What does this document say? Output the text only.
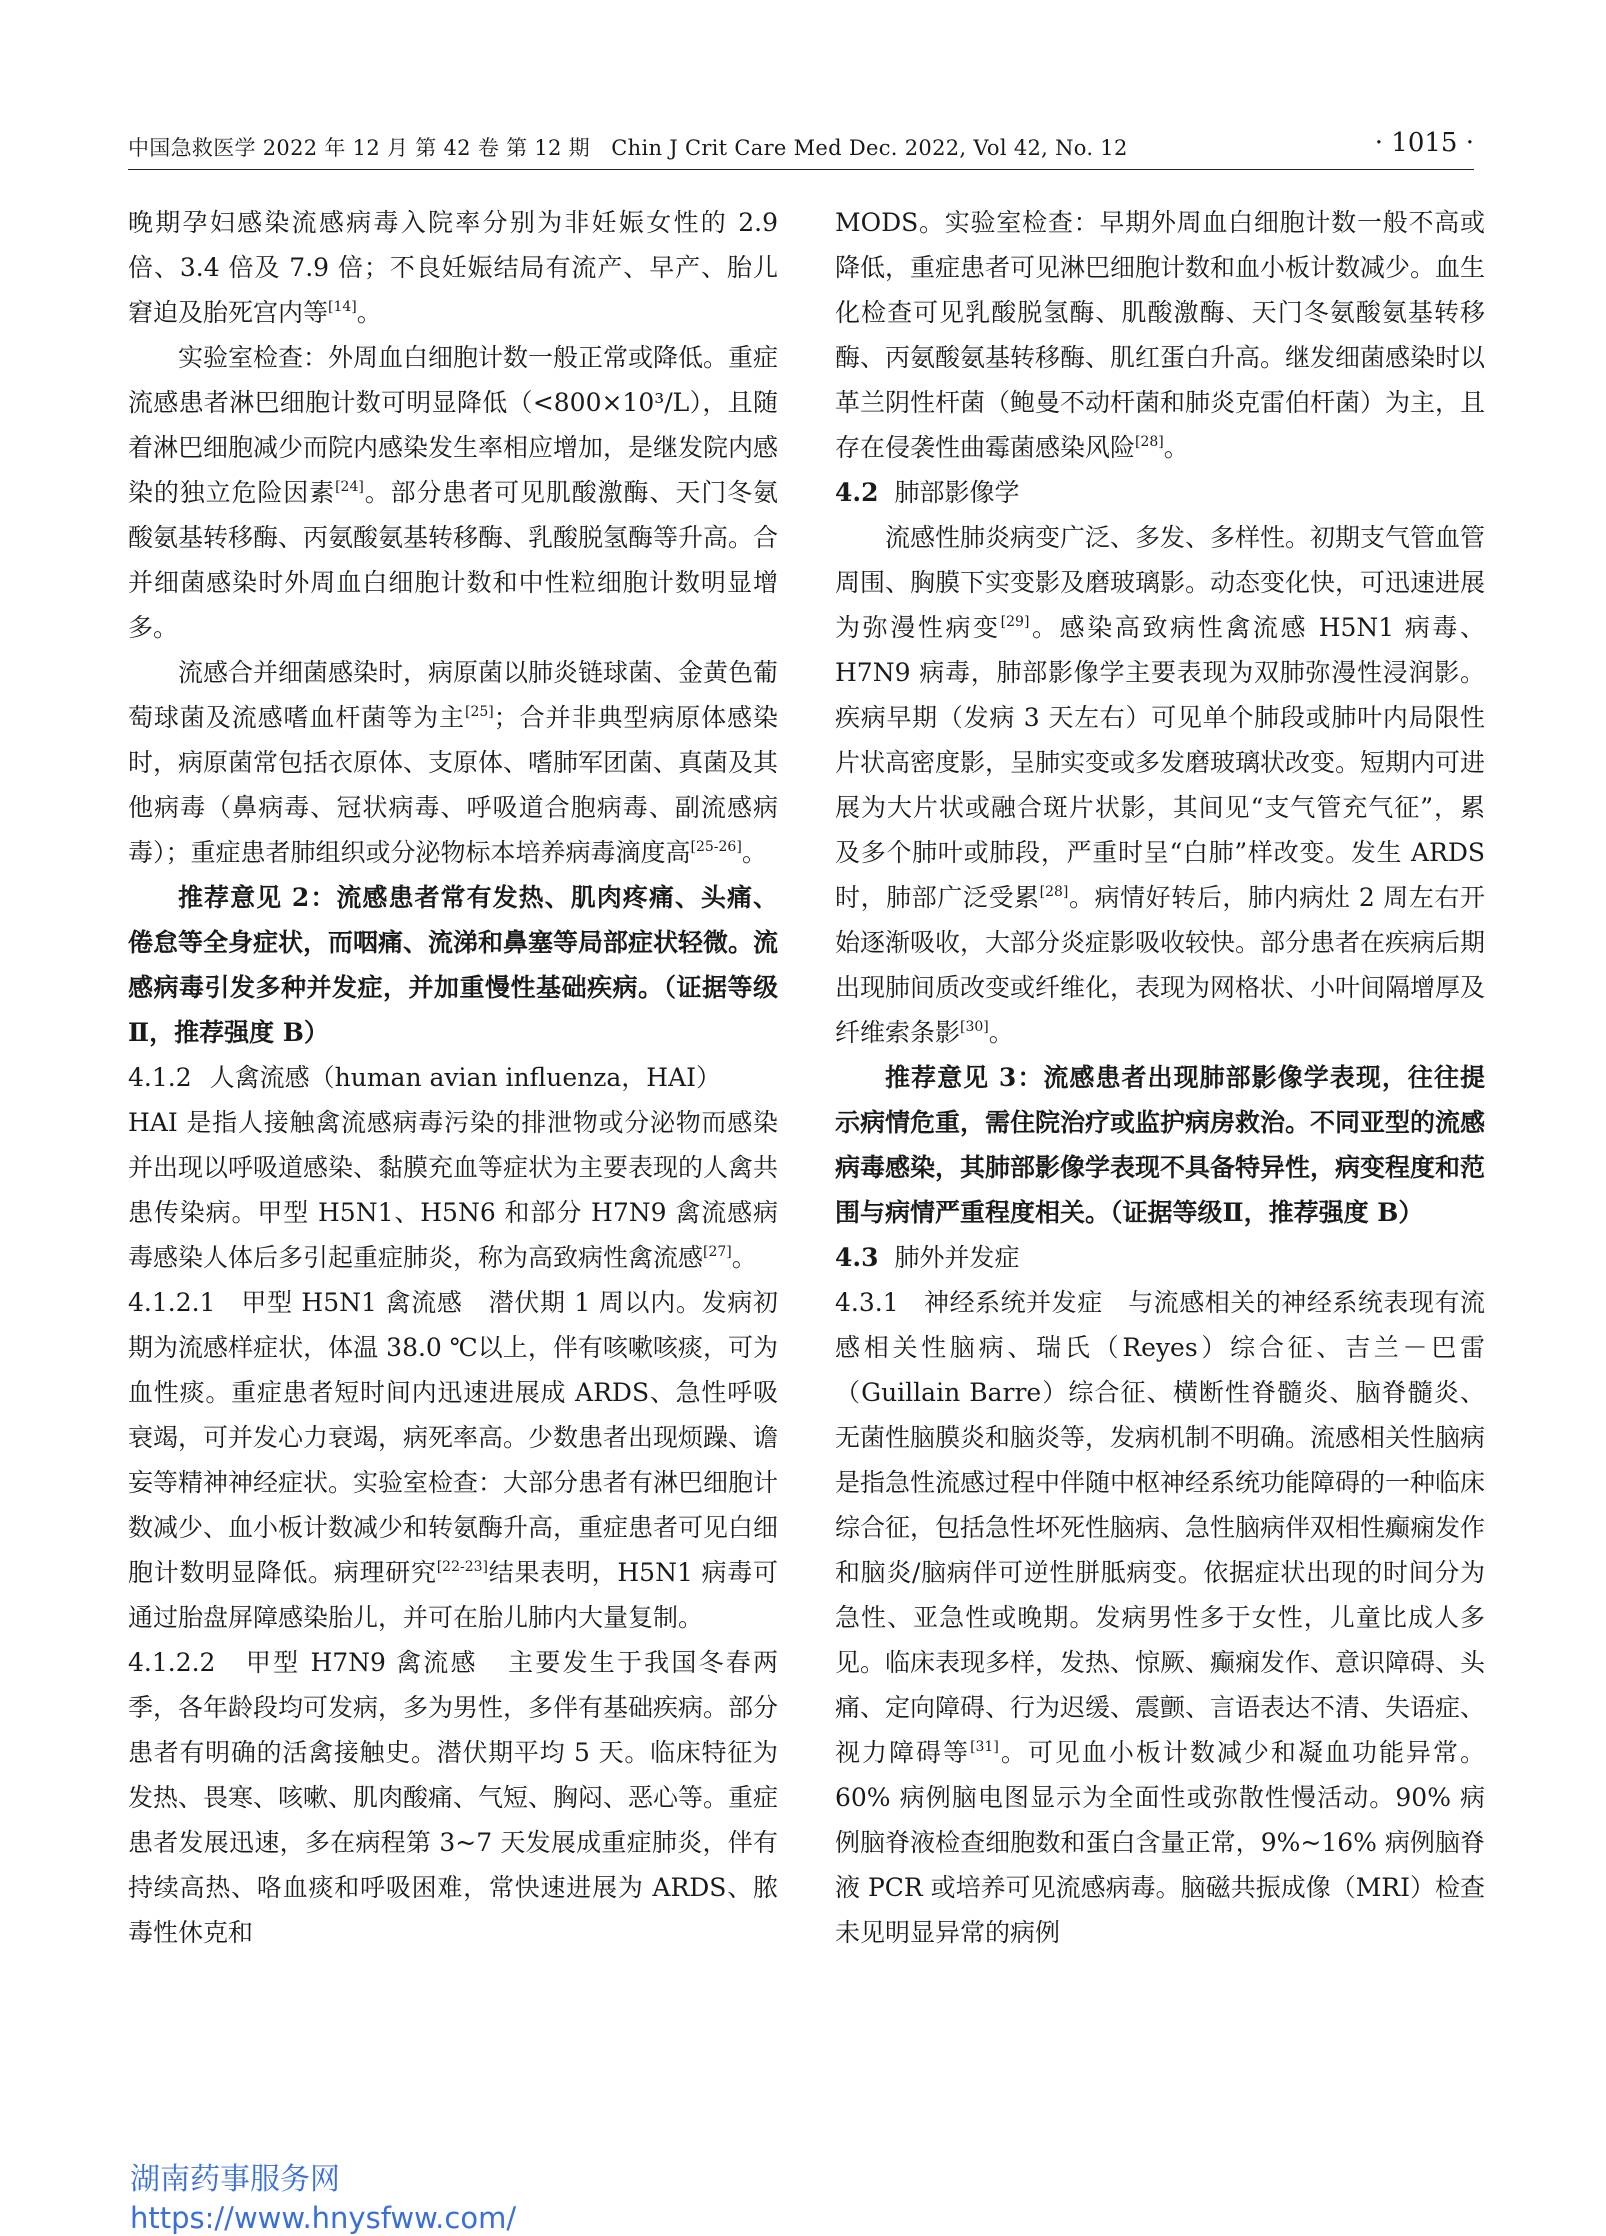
中国急救医学 2022 年 12 月 第 42 卷 第 12 期　Chin J Crit Care Med Dec. 2022, Vol 42, No. 12	· 1015 ·

晚期孕妇感染流感病毒入院率分别为非妊娠女性的 2.9 倍、3.4 倍及 7.9 倍；不良妊娠结局有流产、早产、胎儿窘迫及胎死宫内等[14]。

实验室检查：外周血白细胞计数一般正常或降低。重症流感患者淋巴细胞计数可明显降低（<800×10³/L），且随着淋巴细胞减少而院内感染发生率相应增加，是继发院内感染的独立危险因素[24]。部分患者可见肌酸激酶、天门冬氨酸氨基转移酶、丙氨酸氨基转移酶、乳酸脱氢酶等升高。合并细菌感染时外周血白细胞计数和中性粒细胞计数明显增多。

流感合并细菌感染时，病原菌以肺炎链球菌、金黄色葡萄球菌及流感嗜血杆菌等为主[25]；合并非典型病原体感染时，病原菌常包括衣原体、支原体、嗜肺军团菌、真菌及其他病毒（鼻病毒、冠状病毒、呼吸道合胞病毒、副流感病毒）；重症患者肺组织或分泌物标本培养病毒滴度高[25-26]。

推荐意见 2：流感患者常有发热、肌肉疼痛、头痛、倦怠等全身症状，而咽痛、流涕和鼻塞等局部症状轻微。流感病毒引发多种并发症，并加重慢性基础疾病。（证据等级Ⅱ，推荐强度 B）

4.1.2 人禽流感（human avian influenza，HAI）

HAI 是指人接触禽流感病毒污染的排泄物或分泌物而感染并出现以呼吸道感染、黏膜充血等症状为主要表现的人禽共患传染病。甲型 H5N1、H5N6 和部分 H7N9 禽流感病毒感染人体后多引起重症肺炎，称为高致病性禽流感[27]。

4.1.2.1 甲型 H5N1 禽流感 潜伏期 1 周以内。发病初期为流感样症状，体温 38.0 ℃以上，伴有咳嗽咳痰，可为血性痰。重症患者短时间内迅速进展成 ARDS、急性呼吸衰竭，可并发心力衰竭，病死率高。少数患者出现烦躁、谵妄等精神神经症状。实验室检查：大部分患者有淋巴细胞计数减少、血小板计数减少和转氨酶升高，重症患者可见白细胞计数明显降低。病理研究[22-23]结果表明，H5N1 病毒可通过胎盘屏障感染胎儿，并可在胎儿肺内大量复制。

4.1.2.2 甲型 H7N9 禽流感 主要发生于我国冬春两季，各年龄段均可发病，多为男性，多伴有基础疾病。部分患者有明确的活禽接触史。潜伏期平均 5 天。临床特征为发热、畏寒、咳嗽、肌肉酸痛、气短、胸闷、恶心等。重症患者发展迅速，多在病程第 3~7 天发展成重症肺炎，伴有持续高热、咯血痰和呼吸困难，常快速进展为 ARDS、脓毒性休克和

MODS。实验室检查：早期外周血白细胞计数一般不高或降低，重症患者可见淋巴细胞计数和血小板计数减少。血生化检查可见乳酸脱氢酶、肌酸激酶、天门冬氨酸氨基转移酶、丙氨酸氨基转移酶、肌红蛋白升高。继发细菌感染时以革兰阴性杆菌（鲍曼不动杆菌和肺炎克雷伯杆菌）为主，且存在侵袭性曲霉菌感染风险[28]。

4.2 肺部影像学

流感性肺炎病变广泛、多发、多样性。初期支气管血管周围、胸膜下实变影及磨玻璃影。动态变化快，可迅速进展为弥漫性病变[29]。感染高致病性禽流感 H5N1 病毒、H7N9 病毒，肺部影像学主要表现为双肺弥漫性浸润影。疾病早期（发病 3 天左右）可见单个肺段或肺叶内局限性片状高密度影，呈肺实变或多发磨玻璃状改变。短期内可进展为大片状或融合斑片状影，其间见“支气管充气征”，累及多个肺叶或肺段，严重时呈“白肺”样改变。发生 ARDS 时，肺部广泛受累[28]。病情好转后，肺内病灶 2 周左右开始逐渐吸收，大部分炎症影吸收较快。部分患者在疾病后期出现肺间质改变或纤维化，表现为网格状、小叶间隔增厚及纤维索条影[30]。

推荐意见 3：流感患者出现肺部影像学表现，往往提示病情危重，需住院治疗或监护病房救治。不同亚型的流感病毒感染，其肺部影像学表现不具备特异性，病变程度和范围与病情严重程度相关。（证据等级Ⅱ，推荐强度 B）

4.3 肺外并发症

4.3.1 神经系统并发症 与流感相关的神经系统表现有流感相关性脑病、瑞氏（Reyes）综合征、吉兰－巴雷（Guillain Barre）综合征、横断性脊髓炎、脑脊髓炎、无菌性脑膜炎和脑炎等，发病机制不明确。流感相关性脑病是指急性流感过程中伴随中枢神经系统功能障碍的一种临床综合征，包括急性坏死性脑病、急性脑病伴双相性癫痫发作和脑炎/脑病伴可逆性胼胝病变。依据症状出现的时间分为急性、亚急性或晚期。发病男性多于女性，儿童比成人多见。临床表现多样，发热、惊厥、癫痫发作、意识障碍、头痛、定向障碍、行为迟缓、震颤、言语表达不清、失语症、视力障碍等[31]。可见血小板计数减少和凝血功能异常。60% 病例脑电图显示为全面性或弥散性慢活动。90% 病例脑脊液检查细胞数和蛋白含量正常，9%~16% 病例脑脊液 PCR 或培养可见流感病毒。脑磁共振成像（MRI）检查未见明显异常的病例

湖南药事服务网
https://www.hnysfww.com/
